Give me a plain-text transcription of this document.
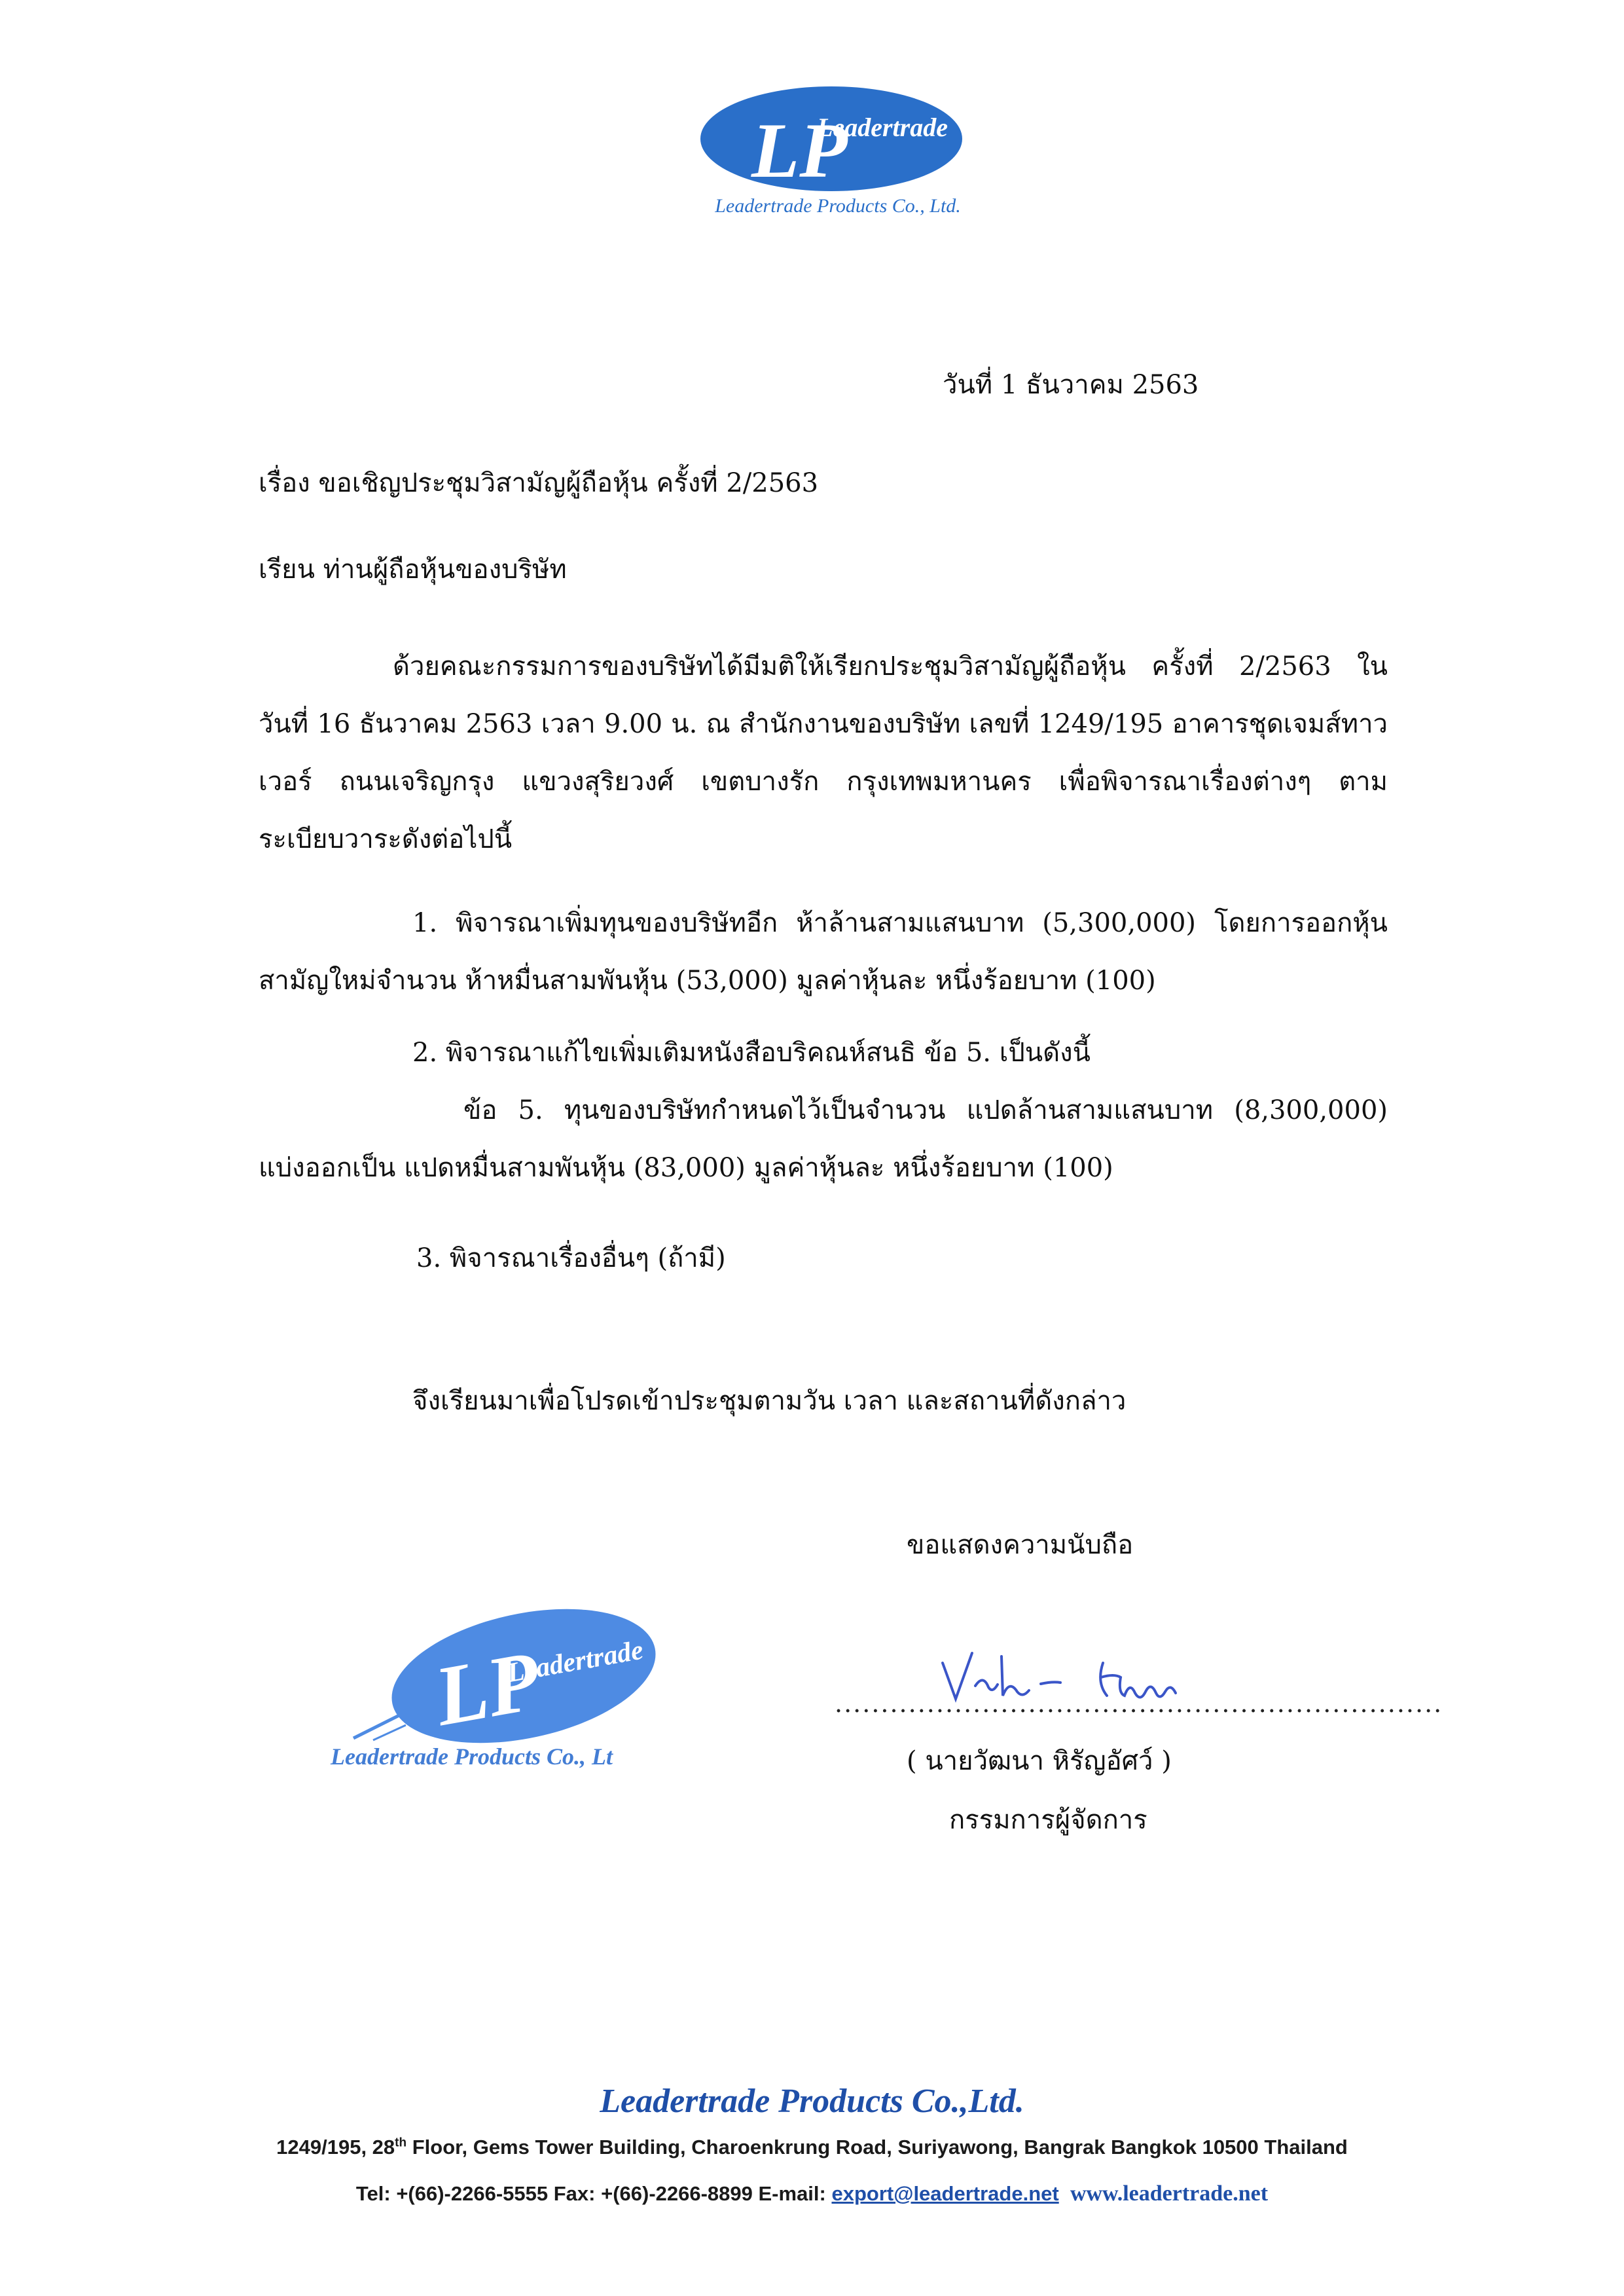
LP
Leadertrade
Leadertrade Products Co., Ltd.
วันที่ 1 ธันวาคม 2563
เรื่อง ขอเชิญประชุมวิสามัญผู้ถือหุ้น ครั้งที่ 2/2563
เรียน ท่านผู้ถือหุ้นของบริษัท
ด้วยคณะกรรมการของบริษัทได้มีมติให้เรียกประชุมวิสามัญผู้ถือหุ้น ครั้งที่ 2/2563 ใน
วันที่ 16 ธันวาคม 2563 เวลา 9.00 น. ณ สำนักงานของบริษัท เลขที่ 1249/195 อาคารชุดเจมส์ทาว
เวอร์ ถนนเจริญกรุง แขวงสุริยวงศ์ เขตบางรัก กรุงเทพมหานคร เพื่อพิจารณาเรื่องต่างๆ ตาม
ระเบียบวาระดังต่อไปนี้
1. พิจารณาเพิ่มทุนของบริษัทอีก ห้าล้านสามแสนบาท (5,300,000) โดยการออกหุ้น
สามัญใหม่จำนวน ห้าหมื่นสามพันหุ้น (53,000) มูลค่าหุ้นละ หนึ่งร้อยบาท (100)
2. พิจารณาแก้ไขเพิ่มเติมหนังสือบริคณห์สนธิ ข้อ 5. เป็นดังนี้
ข้อ 5. ทุนของบริษัทกำหนดไว้เป็นจำนวน แปดล้านสามแสนบาท (8,300,000)
แบ่งออกเป็น แปดหมื่นสามพันหุ้น (83,000) มูลค่าหุ้นละ หนึ่งร้อยบาท (100)
3. พิจารณาเรื่องอื่นๆ (ถ้ามี)
จึงเรียนมาเพื่อโปรดเข้าประชุมตามวัน เวลา และสถานที่ดังกล่าว
ขอแสดงความนับถือ
LP
Leadertrade
Leadertrade Products Co., Lt
..................................................................
( นายวัฒนา หิรัญอัศว์ )
กรรมการผู้จัดการ
Leadertrade Products Co.,Ltd.
1249/195, 28th Floor, Gems Tower Building, Charoenkrung Road, Suriyawong, Bangrak Bangkok 10500 Thailand
Tel: +(66)-2266-5555 Fax: +(66)-2266-8899 E-mail: export@leadertrade.net www.leadertrade.net
